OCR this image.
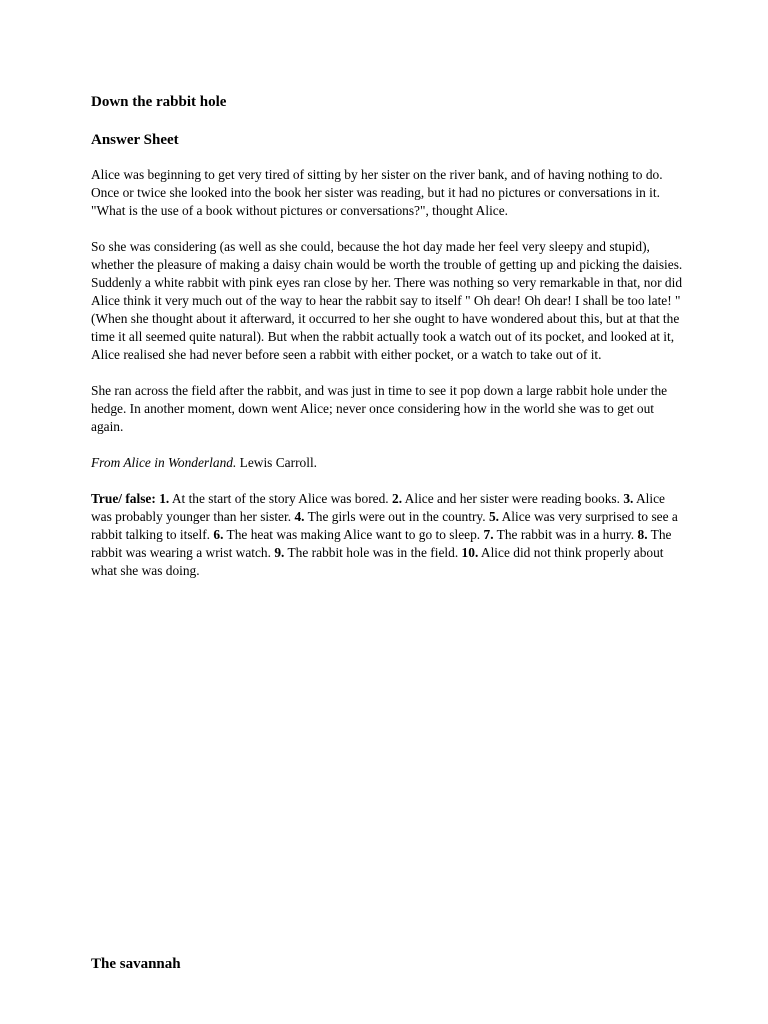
Down the rabbit hole
Answer Sheet

Alice was beginning to get very tired of sitting by her sister on the river bank, and of having nothing to do. Once or twice she looked into the book her sister was reading, but it had no pictures or conversations in it. "What is the use of a book without pictures or conversations?", thought Alice.

So she was considering (as well as she could, because the hot day made her feel very sleepy and stupid), whether the pleasure of making a daisy chain would be worth the trouble of getting up and picking the daisies. Suddenly a white rabbit with pink eyes ran close by her. There was nothing so very remarkable in that, nor did Alice think it very much out of the way to hear the rabbit say to itself " Oh dear! Oh dear! I shall be too late! "(When she thought about it afterward, it occurred to her she ought to have wondered about this, but at that the time it all seemed quite natural). But when the rabbit actually took a watch out of its pocket, and looked at it, Alice realised she had never before seen a rabbit with either pocket, or a watch to take out of it.

She ran across the field after the rabbit, and was just in time to see it pop down a large rabbit hole under the hedge. In another moment, down went Alice; never once considering how in the world she was to get out again.

From Alice in Wonderland. Lewis Carroll.

True/ false: 1. At the start of the story Alice was bored. 2. Alice and her sister were reading books. 3. Alice was probably younger than her sister. 4. The girls were out in the country. 5. Alice was very surprised to see a rabbit talking to itself. 6. The heat was making Alice want to go to sleep. 7. The rabbit was in a hurry. 8. The rabbit was wearing a wrist watch. 9. The rabbit hole was in the field. 10. Alice did not think properly about what she was doing.

The savannah
